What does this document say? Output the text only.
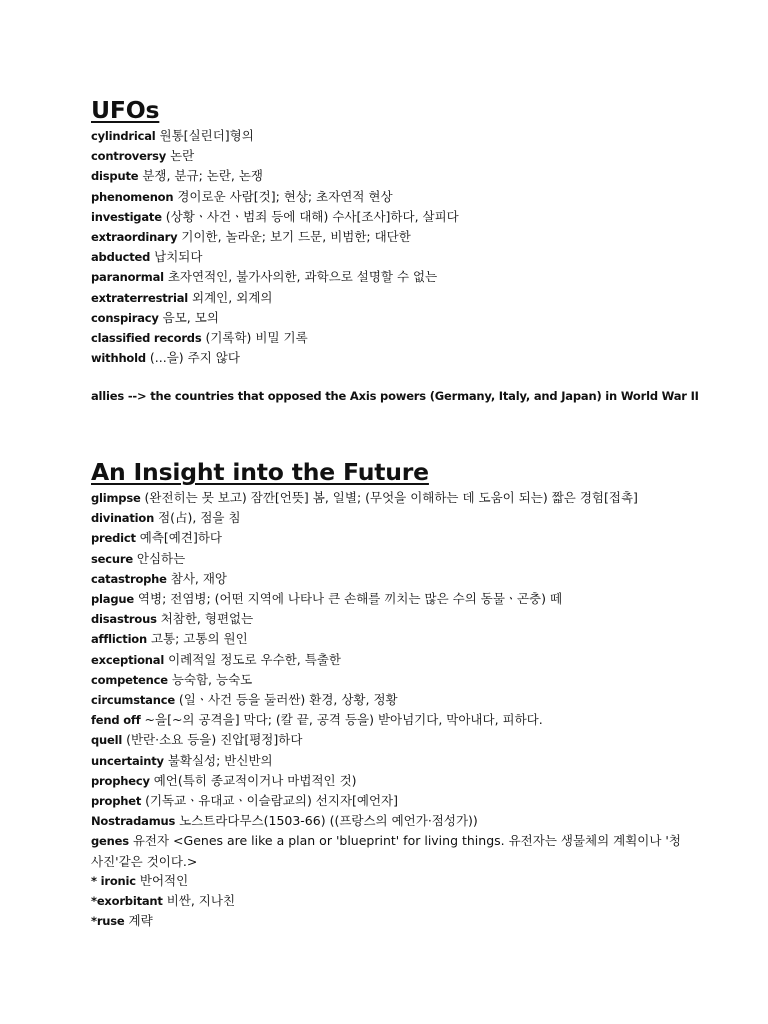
UFOs
cylindrical 원통[실린더]형의
controversy 논란
dispute 분쟁, 분규; 논란, 논쟁
phenomenon 경이로운 사람[것]; 현상; 초자연적 현상
investigate (상황ㆍ사건ㆍ범죄 등에 대해) 수사[조사]하다, 살피다
extraordinary 기이한, 놀라운; 보기 드문, 비범한; 대단한
abducted 납치되다
paranormal 초자연적인, 불가사의한, 과학으로 설명할 수 없는
extraterrestrial 외계인, 외계의
conspiracy 음모, 모의
classified records (기록학) 비밀 기록
withhold (...을) 주지 않다
allies --> the countries that opposed the Axis powers (Germany, Italy, and Japan) in World War II
An Insight into the Future
glimpse (완전히는 못 보고) 잠깐[언뜻] 봄, 일별; (무엇을 이해하는 데 도움이 되는) 짧은 경험[접촉]
divination 점(占), 점을 침
predict 예측[예견]하다
secure 안심하는
catastrophe 참사, 재앙
plague 역병; 전염병; (어떤 지역에 나타나 큰 손해를 끼치는 많은 수의 동물ㆍ곤충) 떼
disastrous 처참한, 형편없는
affliction 고통; 고통의 원인
exceptional 이례적일 정도로 우수한, 특출한
competence 능숙함, 능숙도
circumstance (일ㆍ사건 등을 둘러싼) 환경, 상황, 정황
fend off ~을[~의 공격을] 막다; (칼 끝, 공격 등을) 받아넘기다, 막아내다, 피하다.
quell (반란·소요 등을) 진압[평정]하다
uncertainty 불확실성; 반신반의
prophecy 예언(특히 종교적이거나 마법적인 것)
prophet (기독교ㆍ유대교ㆍ이슬람교의) 선지자[예언자]
Nostradamus 노스트라다무스(1503-66) ((프랑스의 예언가·점성가))
genes 유전자 <Genes are like a plan or 'blueprint' for living things. 유전자는 생물체의 계획이나 '청사진'같은 것이다.>
* ironic 반어적인
*exorbitant 비싼, 지나친
*ruse 계략
